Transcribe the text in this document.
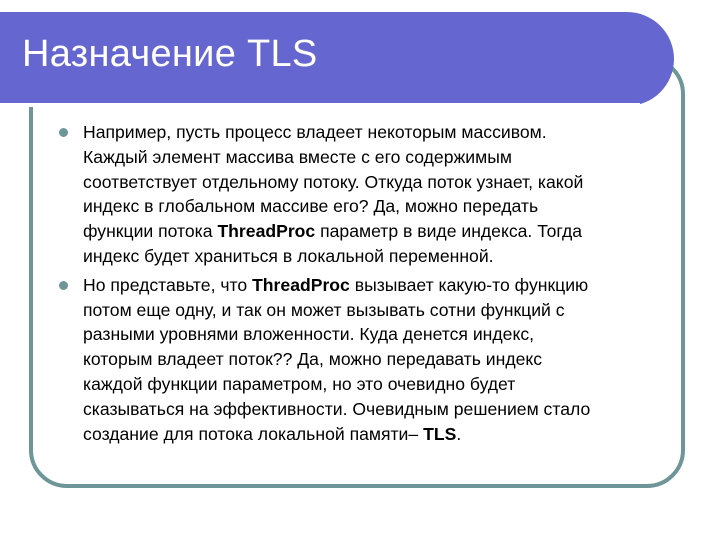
Назначение TLS
Например, пусть процесс владеет некоторым массивом.
Каждый элемент массива вместе с его содержимым
соответствует отдельному потоку. Откуда поток узнает, какой
индекс в глобальном массиве его? Да, можно передать
функции потока ThreadProc параметр в виде индекса. Тогда
индекс будет храниться в локальной переменной.
Но представьте, что ThreadProc вызывает какую-то функцию
потом еще одну, и так он может вызывать сотни функций с
разными уровнями вложенности. Куда денется индекс,
которым владеет поток?? Да, можно передавать индекс
каждой функции параметром, но это очевидно будет
сказываться на эффективности. Очевидным решением стало
создание для потока локальной памяти– TLS.
